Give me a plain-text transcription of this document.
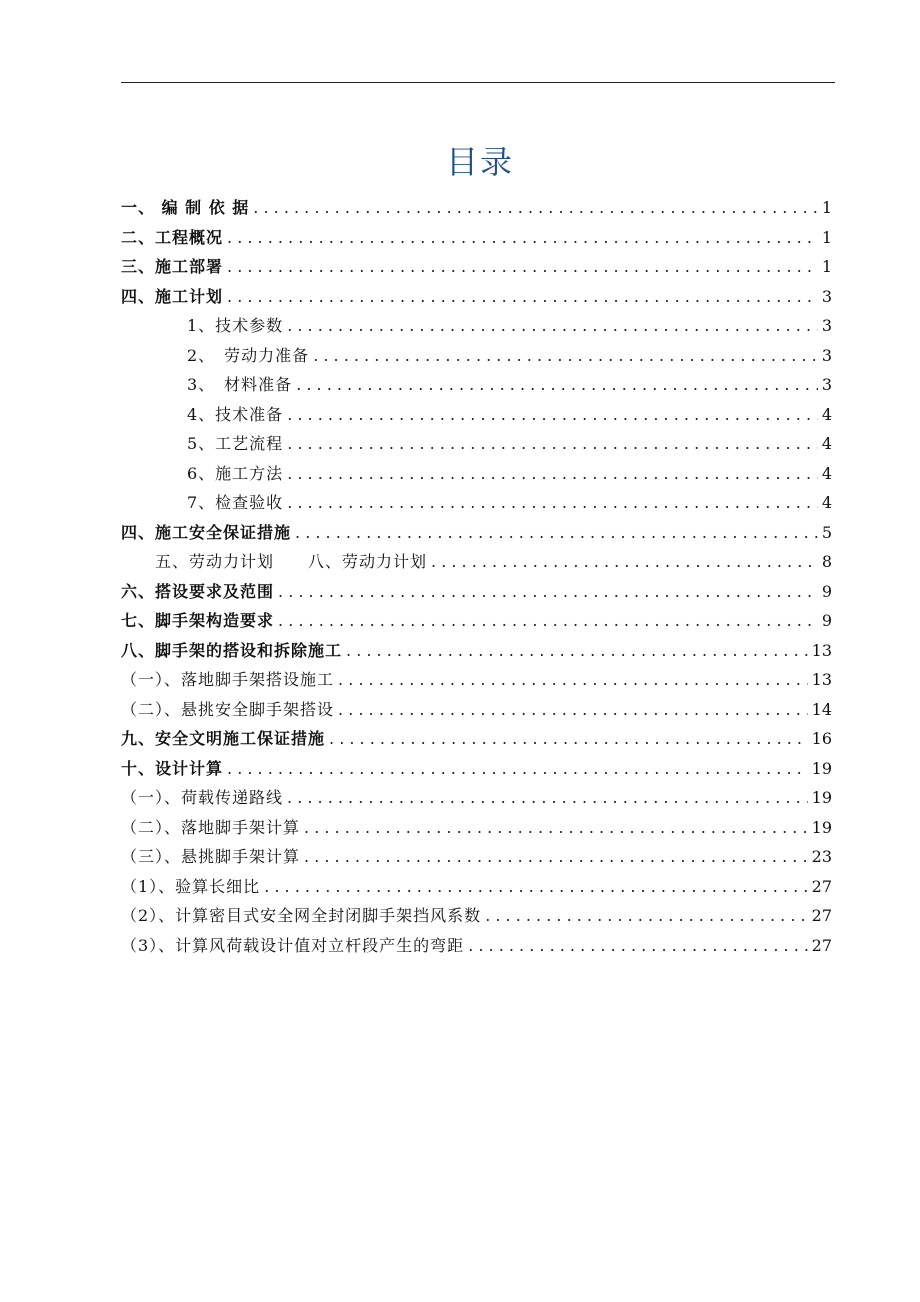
目录
一、 编 制 依 据 . . .	1
二、工程概况 . . .	1
三、施工部署 . . .	1
四、施工计划 . . .	3
1、技术参数 . . .	3
2、　劳动力准备 . . .	3
3、　材料准备 . . .	3
4、技术准备 . . .	4
5、工艺流程 . . .	4
6、施工方法 . . .	4
7、检查验收 . . .	4
四、施工安全保证措施 . . .	5
五、劳动力计划　　八、劳动力计划 . . .	8
六、搭设要求及范围 . . .	9
七、脚手架构造要求 . . .	9
八、脚手架的搭设和拆除施工 . . .	13
（一）、落地脚手架搭设施工 . . .	13
（二）、悬挑安全脚手架搭设 . . .	14
九、安全文明施工保证措施 . . .	16
十、设计计算 . . .	19
（一）、荷载传递路线 . . .	19
（二）、落地脚手架计算 . . .	19
（三）、悬挑脚手架计算 . . .	23
（1）、验算长细比 . . .	27
（2）、计算密目式安全网全封闭脚手架挡风系数 . . .	27
（3）、计算风荷载设计值对立杆段产生的弯距 . . .	27
